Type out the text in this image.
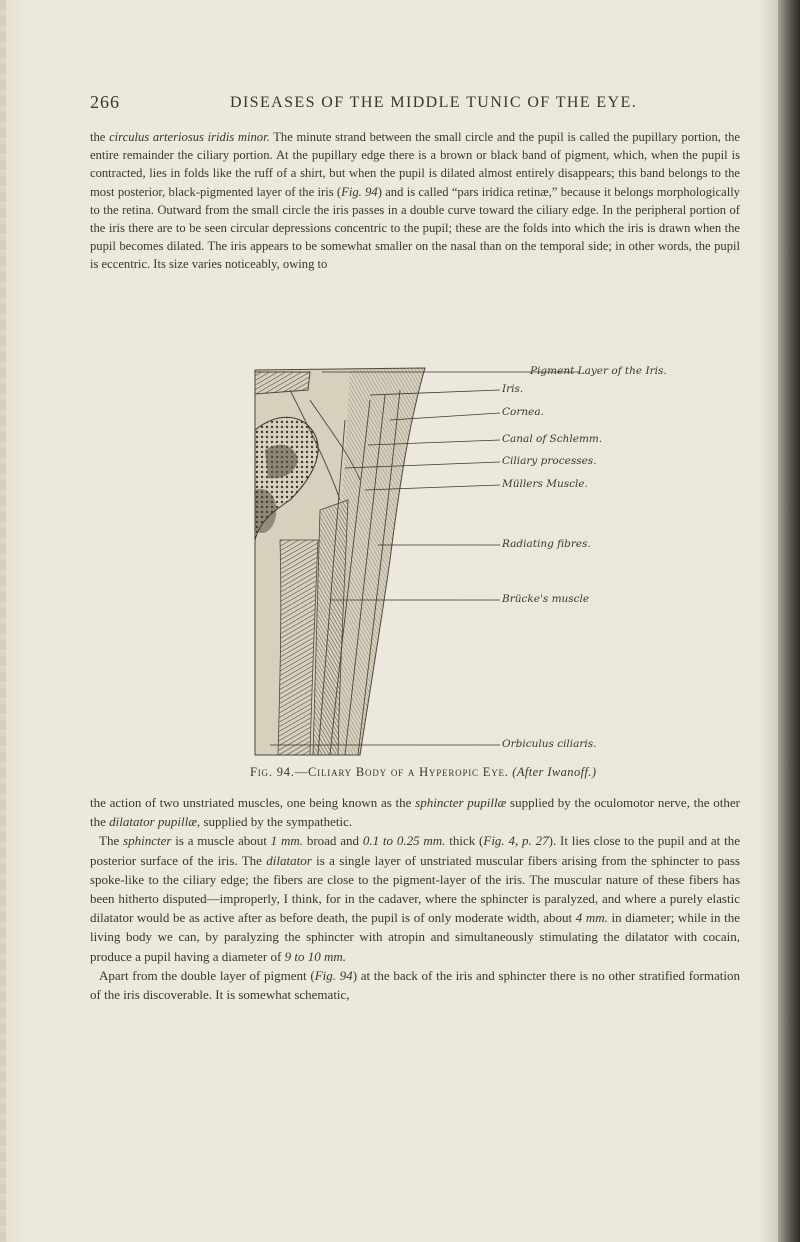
266	DISEASES OF THE MIDDLE TUNIC OF THE EYE.

the circulus arteriosus iridis minor. The minute strand between the small circle and the pupil is called the pupillary portion, the entire remainder the ciliary portion. At the pupillary edge there is a brown or black band of pigment, which, when the pupil is contracted, lies in folds like the ruff of a shirt, but when the pupil is dilated almost entirely disappears; this band belongs to the most posterior, black-pigmented layer of the iris (Fig. 94) and is called “pars iridica retinæ,” because it belongs morphologically to the retina. Outward from the small circle the iris passes in a double curve toward the ciliary edge. In the peripheral portion of the iris there are to be seen circular depressions concentric to the pupil; these are the folds into which the iris is drawn when the pupil becomes dilated. The iris appears to be somewhat smaller on the nasal than on the temporal side; in other words, the pupil is eccentric. Its size varies noticeably, owing to

Pigment Layer of the Iris.
Iris.
Cornea.
Canal of Schlemm.
Ciliary processes.
Müllers Muscle.
Radiating fibres.
Brücke's muscle
Orbiculus ciliaris.
Fig. 94.—Ciliary Body of a Hyperopic Eye. (After Iwanoff.)

the action of two unstriated muscles, one being known as the sphincter pupillæ supplied by the oculomotor nerve, the other the dilatator pupillæ, supplied by the sympathetic.

The sphincter is a muscle about 1 mm. broad and 0.1 to 0.25 mm. thick (Fig. 4, p. 27). It lies close to the pupil and at the posterior surface of the iris. The dilatator is a single layer of unstriated muscular fibers arising from the sphincter to pass spoke-like to the ciliary edge; the fibers are close to the pigment-layer of the iris. The muscular nature of these fibers has been hitherto disputed—improperly, I think, for in the cadaver, where the sphincter is paralyzed, and where a purely elastic dilatator would be as active after as before death, the pupil is of only moderate width, about 4 mm. in diameter; while in the living body we can, by paralyzing the sphincter with atropin and simultaneously stimulating the dilatator with cocain, produce a pupil having a diameter of 9 to 10 mm.

Apart from the double layer of pigment (Fig. 94) at the back of the iris and sphincter there is no other stratified formation of the iris discoverable. It is somewhat schematic,
